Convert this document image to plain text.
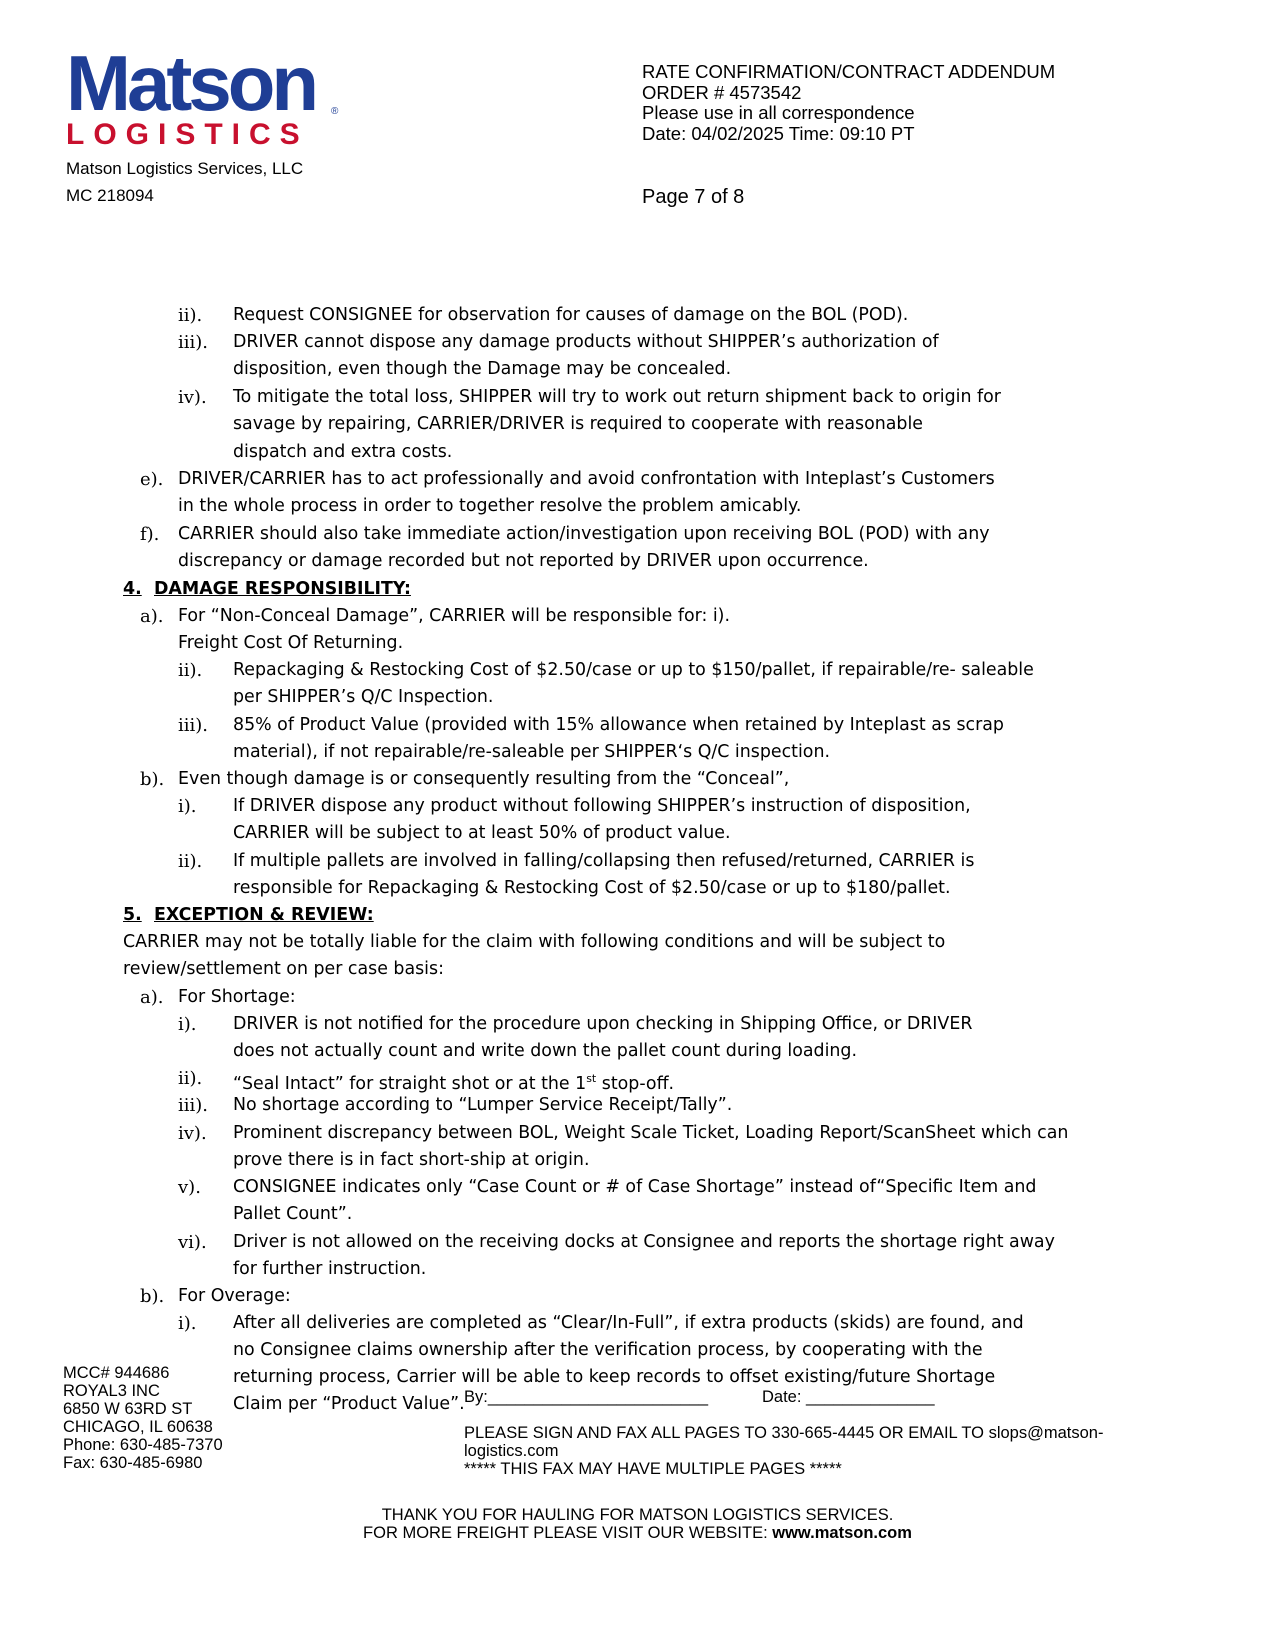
Matson ®
LOGISTICS
Matson Logistics Services, LLC
MC 218094
RATE CONFIRMATION/CONTRACT ADDENDUM
ORDER # 4573542
Please use in all correspondence
Date: 04/02/2025 Time: 09:10 PT
Page 7 of 8
ii). Request CONSIGNEE for observation for causes of damage on the BOL (POD).
iii). DRIVER cannot dispose any damage products without SHIPPER’s authorization of
disposition, even though the Damage may be concealed.
iv). To mitigate the total loss, SHIPPER will try to work out return shipment back to origin for
savage by repairing, CARRIER/DRIVER is required to cooperate with reasonable
dispatch and extra costs.
e). DRIVER/CARRIER has to act professionally and avoid confrontation with Inteplast’s Customers
in the whole process in order to together resolve the problem amicably.
f). CARRIER should also take immediate action/investigation upon receiving BOL (POD) with any
discrepancy or damage recorded but not reported by DRIVER upon occurrence.
4. DAMAGE RESPONSIBILITY:
a). For “Non-Conceal Damage”, CARRIER will be responsible for: i).
Freight Cost Of Returning.
ii). Repackaging & Restocking Cost of $2.50/case or up to $150/pallet, if repairable/re- saleable
per SHIPPER’s Q/C Inspection.
iii). 85% of Product Value (provided with 15% allowance when retained by Inteplast as scrap
material), if not repairable/re-saleable per SHIPPER‘s Q/C inspection.
b). Even though damage is or consequently resulting from the “Conceal”,
i). If DRIVER dispose any product without following SHIPPER’s instruction of disposition,
CARRIER will be subject to at least 50% of product value.
ii). If multiple pallets are involved in falling/collapsing then refused/returned, CARRIER is
responsible for Repackaging & Restocking Cost of $2.50/case or up to $180/pallet.
5. EXCEPTION & REVIEW:
CARRIER may not be totally liable for the claim with following conditions and will be subject to
review/settlement on per case basis:
a). For Shortage:
i). DRIVER is not notified for the procedure upon checking in Shipping Office, or DRIVER
does not actually count and write down the pallet count during loading.
ii). “Seal Intact” for straight shot or at the 1st stop-off.
iii). No shortage according to “Lumper Service Receipt/Tally”.
iv). Prominent discrepancy between BOL, Weight Scale Ticket, Loading Report/ScanSheet which can
prove there is in fact short-ship at origin.
v). CONSIGNEE indicates only “Case Count or # of Case Shortage” instead of“Specific Item and
Pallet Count”.
vi). Driver is not allowed on the receiving docks at Consignee and reports the shortage right away
for further instruction.
b). For Overage:
i). After all deliveries are completed as “Clear/In-Full”, if extra products (skids) are found, and
no Consignee claims ownership after the verification process, by cooperating with the
returning process, Carrier will be able to keep records to offset existing/future Shortage
Claim per “Product Value”.
MCC# 944686
ROYAL3 INC
6850 W 63RD ST
CHICAGO, IL 60638
Phone: 630-485-7370
Fax: 630-485-6980
By:________________________	Date: ______________
PLEASE SIGN AND FAX ALL PAGES TO 330-665-4445 OR EMAIL TO slops@matson-
logistics.com
***** THIS FAX MAY HAVE MULTIPLE PAGES *****
THANK YOU FOR HAULING FOR MATSON LOGISTICS SERVICES.
FOR MORE FREIGHT PLEASE VISIT OUR WEBSITE: www.matson.com
